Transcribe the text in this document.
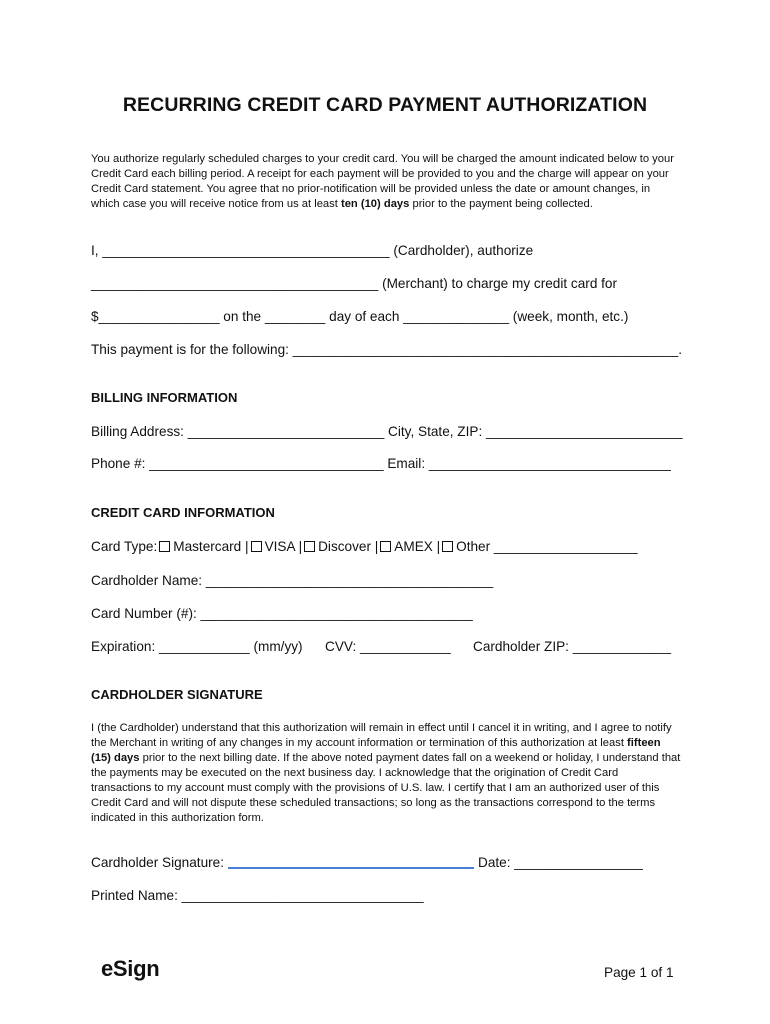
RECURRING CREDIT CARD PAYMENT AUTHORIZATION
You authorize regularly scheduled charges to your credit card. You will be charged the amount indicated below to your Credit Card each billing period. A receipt for each payment will be provided to you and the charge will appear on your Credit Card statement. You agree that no prior-notification will be provided unless the date or amount changes, in which case you will receive notice from us at least ten (10) days prior to the payment being collected.
I, ______________________________________ (Cardholder), authorize
______________________________________ (Merchant) to charge my credit card for
$________________ on the ________ day of each ______________ (week, month, etc.)
This payment is for the following: ___________________________________________________.
BILLING INFORMATION
Billing Address: __________________________ City, State, ZIP: __________________________
Phone #: _______________________________ Email: ________________________________
CREDIT CARD INFORMATION
Card Type: Mastercard | VISA | Discover | AMEX | Other ___________________
Cardholder Name: ______________________________________
Card Number (#): ____________________________________
Expiration: ____________ (mm/yy) CVV: ____________ Cardholder ZIP: _____________
CARDHOLDER SIGNATURE
I (the Cardholder) understand that this authorization will remain in effect until I cancel it in writing, and I agree to notify the Merchant in writing of any changes in my account information or termination of this authorization at least fifteen (15) days prior to the next billing date. If the above noted payment dates fall on a weekend or holiday, I understand that the payments may be executed on the next business day. I acknowledge that the origination of Credit Card transactions to my account must comply with the provisions of U.S. law. I certify that I am an authorized user of this Credit Card and will not dispute these scheduled transactions; so long as the transactions correspond to the terms indicated in this authorization form.
Cardholder Signature:	Date: _________________
Printed Name: ________________________________
eSign	Page 1 of 1
